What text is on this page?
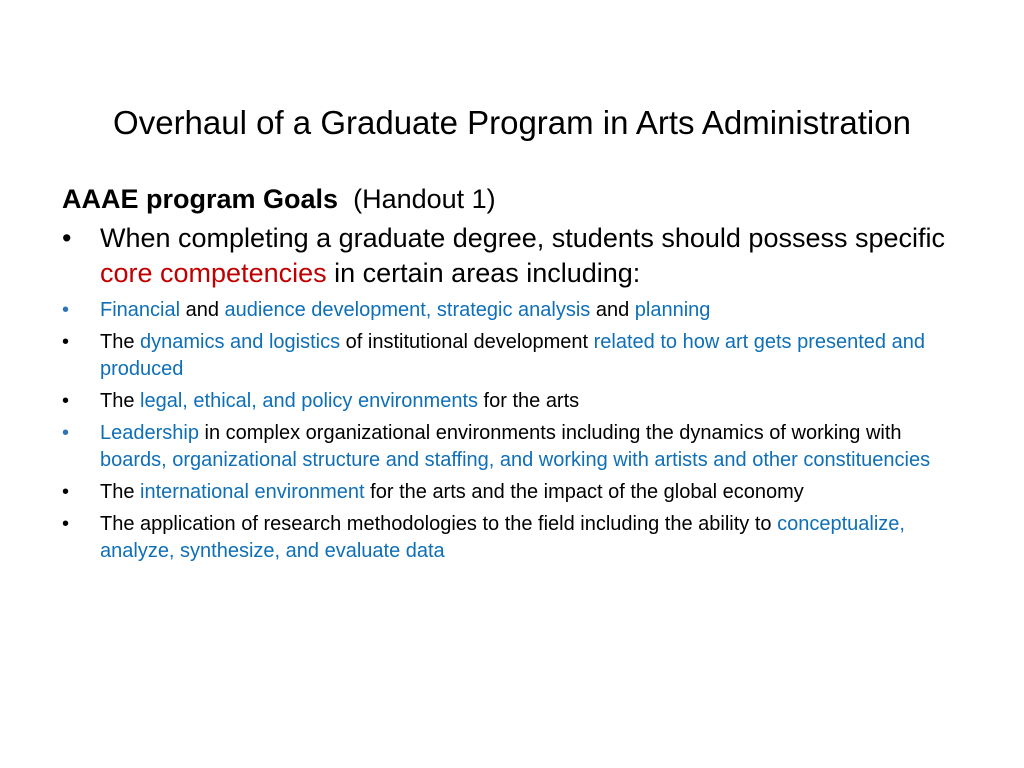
Overhaul of a Graduate Program in Arts Administration
AAAE program Goals (Handout 1)
• When completing a graduate degree, students should possess specific core competencies in certain areas including:
• Financial and audience development, strategic analysis and planning
• The dynamics and logistics of institutional development related to how art gets presented and produced
• The legal, ethical, and policy environments for the arts
• Leadership in complex organizational environments including the dynamics of working with boards, organizational structure and staffing, and working with artists and other constituencies
• The international environment for the arts and the impact of the global economy
• The application of research methodologies to the field including the ability to conceptualize, analyze, synthesize, and evaluate data
